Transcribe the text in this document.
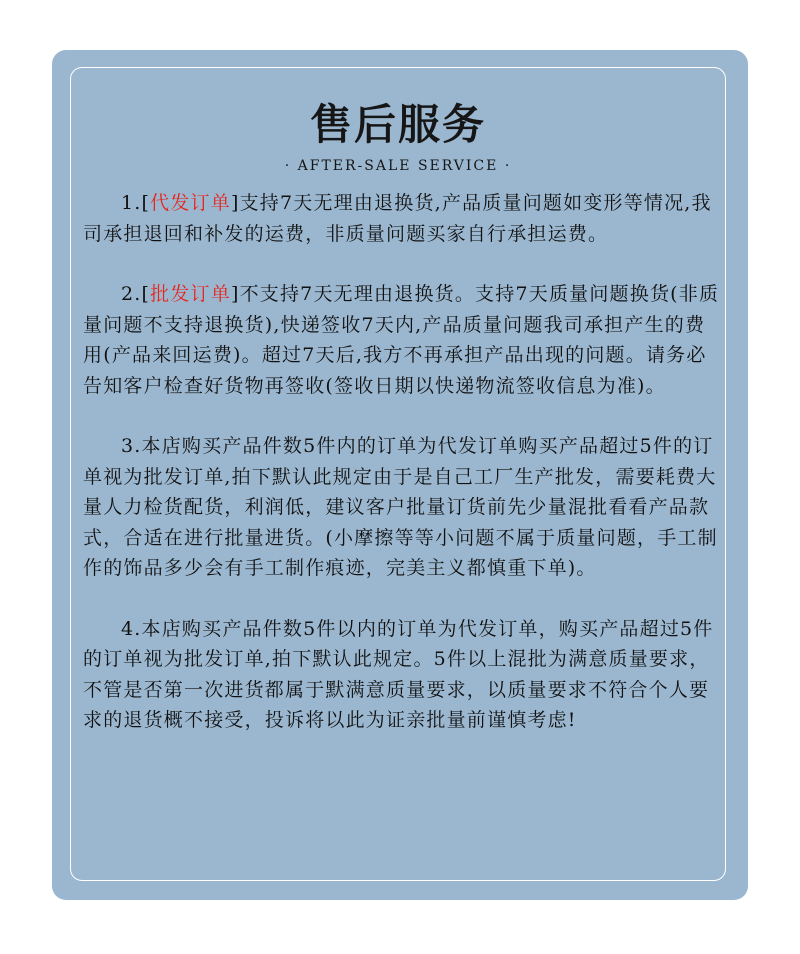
售后服务
· AFTER-SALE SERVICE ·

1.[代发订单]支持7天无理由退换货,产品质量问题如变形等情况,我司承担退回和补发的运费，非质量问题买家自行承担运费。

2.[批发订单]不支持7天无理由退换货。支持7天质量问题换货(非质量问题不支持退换货),快递签收7天内,产品质量问题我司承担产生的费用(产品来回运费)。超过7天后,我方不再承担产品出现的问题。请务必告知客户检查好货物再签收(签收日期以快递物流签收信息为准)。

3.本店购买产品件数5件内的订单为代发订单购买产品超过5件的订单视为批发订单,拍下默认此规定由于是自己工厂生产批发，需要耗费大量人力检货配货，利润低，建议客户批量订货前先少量混批看看产品款式，合适在进行批量进货。(小摩擦等等小问题不属于质量问题，手工制作的饰品多少会有手工制作痕迹，完美主义都慎重下单)。

4.本店购买产品件数5件以内的订单为代发订单，购买产品超过5件的订单视为批发订单,拍下默认此规定。5件以上混批为满意质量要求，不管是否第一次进货都属于默满意质量要求，以质量要求不符合个人要求的退货概不接受，投诉将以此为证亲批量前谨慎考虑!
